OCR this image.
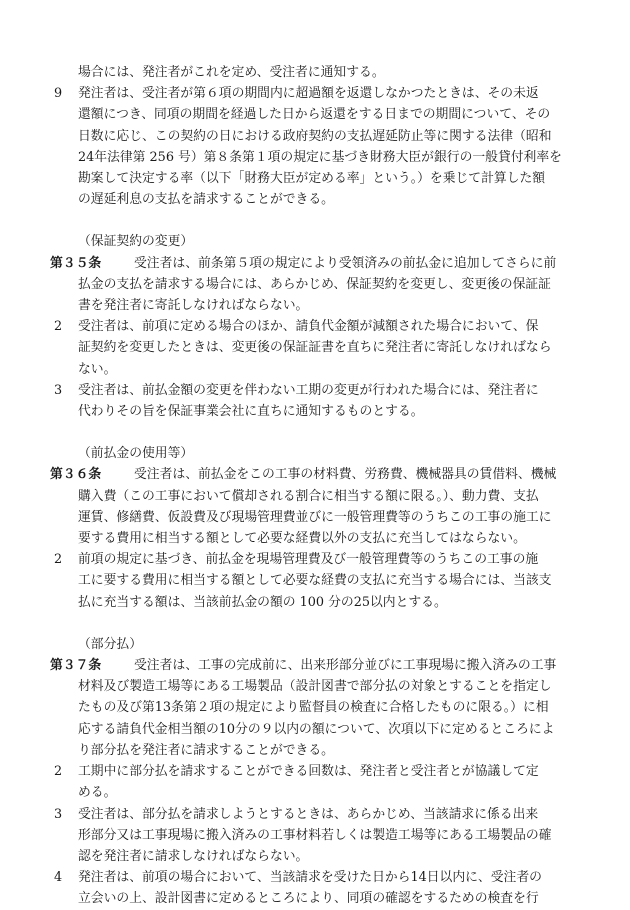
場合には、発注者がこれを定め、受注者に通知する。

9	発注者は、受注者が第６項の期間内に超過額を返還しなかつたときは、その未返

還額につき、同項の期間を経過した日から返還をする日までの期間について、その

日数に応じ、この契約の日における政府契約の支払遅延防止等に関する法律（昭和

24年法律第 256 号）第８条第１項の規定に基づき財務大臣が銀行の一般貸付利率を

勘案して決定する率（以下「財務大臣が定める率」という。）を乗じて計算した額

の遅延利息の支払を請求することができる。

（保証契約の変更）

第３５条	受注者は、前条第５項の規定により受領済みの前払金に追加してさらに前

払金の支払を請求する場合には、あらかじめ、保証契約を変更し、変更後の保証証

書を発注者に寄託しなければならない。

2	受注者は、前項に定める場合のほか、請負代金額が減額された場合において、保

証契約を変更したときは、変更後の保証証書を直ちに発注者に寄託しなければなら

ない。

3	受注者は、前払金額の変更を伴わない工期の変更が行われた場合には、発注者に

代わりその旨を保証事業会社に直ちに通知するものとする。

（前払金の使用等）

第３６条	受注者は、前払金をこの工事の材料費、労務費、機械器具の賃借料、機械

購入費（この工事において償却される割合に相当する額に限る。）、動力費、支払

運賃、修繕費、仮設費及び現場管理費並びに一般管理費等のうちこの工事の施工に

要する費用に相当する額として必要な経費以外の支払に充当してはならない。

2	前項の規定に基づき、前払金を現場管理費及び一般管理費等のうちこの工事の施

工に要する費用に相当する額として必要な経費の支払に充当する場合には、当該支

払に充当する額は、当該前払金の額の 100 分の25以内とする。

（部分払）

第３７条	受注者は、工事の完成前に、出来形部分並びに工事現場に搬入済みの工事

材料及び製造工場等にある工場製品（設計図書で部分払の対象とすることを指定し

たもの及び第13条第２項の規定により監督員の検査に合格したものに限る。）に相

応する請負代金相当額の10分の９以内の額について、次項以下に定めるところによ

り部分払を発注者に請求することができる。

2	工期中に部分払を請求することができる回数は、発注者と受注者とが協議して定

める。

3	受注者は、部分払を請求しようとするときは、あらかじめ、当該請求に係る出来

形部分又は工事現場に搬入済みの工事材料若しくは製造工場等にある工場製品の確

認を発注者に請求しなければならない。

4	発注者は、前項の場合において、当該請求を受けた日から14日以内に、受注者の

立会いの上、設計図書に定めるところにより、同項の確認をするための検査を行
